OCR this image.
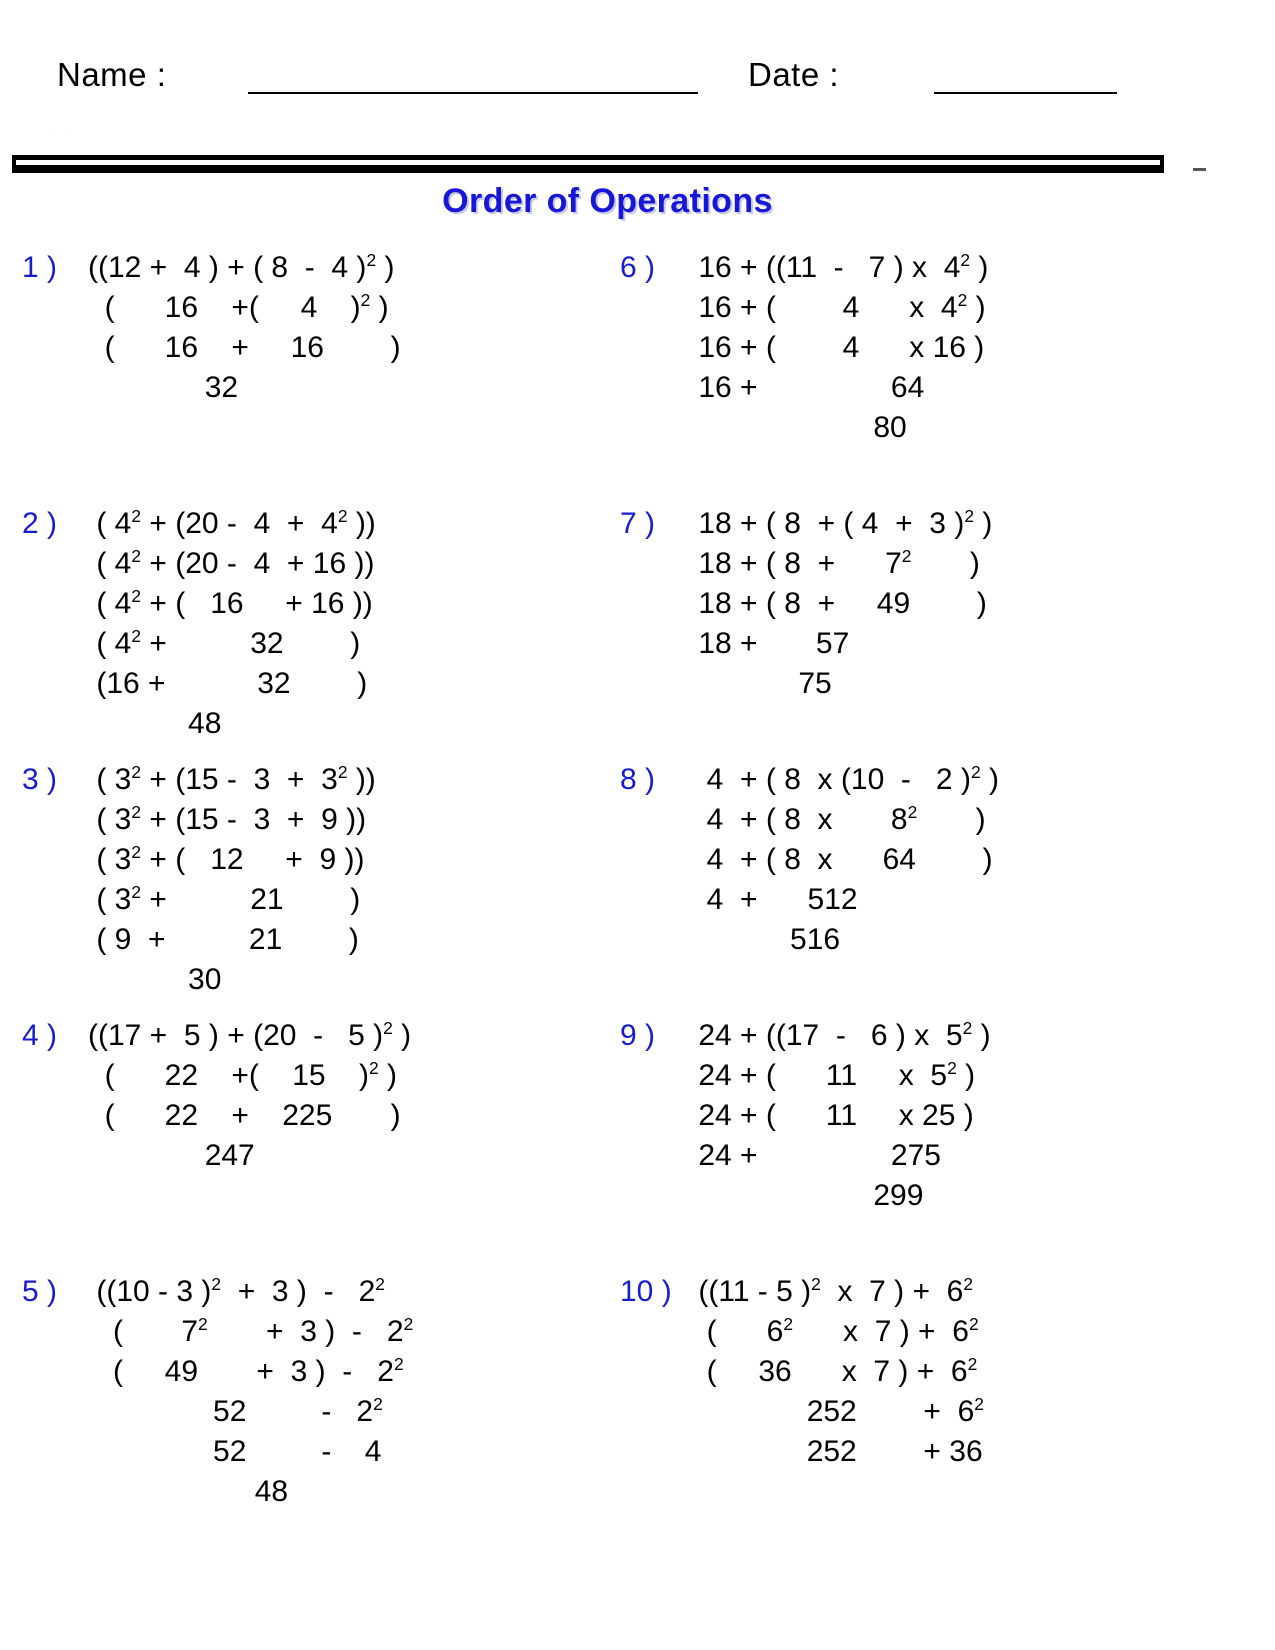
Name :	Date :
· ·  ·
Order of Operations
1 ) ((12 +  4 ) + ( 8  -  4 )$^2$ )
(      16    +(     4    )$^2$ )
(      16    +     16        )
32
2 ) ( $4^2 + (20 - 4 + 4^2$ ))
( $4^2 + (20 - 4 + 16$ ))
( $4^2$ + (   16     + 16 ))
( $4^2$ +          32        )
(16 +           32        )
48
3 ) ( $3^2 + (15 - 3 + 3^2$ ))
( $3^2 + (15 - 3 + 9$ ))
( $3^2$ + (   12     +  9 ))
( $3^2$ +          21        )
( 9  +          21        )
30
4 ) ((17 +  5 ) + (20  -   5 )$^2$ )
(      22    +(    15    )$^2$ )
(      22    +    225       )
247
5 ) ((10 - 3 )$^2$  +  3 )  -   $2^2$
(       $7^2$       +  3 )  -   $2^2$
(     49       +  3 )  -   $2^2$
52         -   $2^2$
52         -    4
48
6 ) 16 + ((11  -   7 ) x  $4^2$ )
16 + (        4      x  $4^2$ )
16 + (        4      x 16 )
16 +                64
80
7 ) 18 + ( 8  + ( 4  +  3 )$^2$ )
18 + ( 8  +      $7^2$       )
18 + ( 8  +     49        )
18 +       57
75
8 ) 4  + ( 8  x (10  -   2 )$^2$ )
4  + ( 8  x       $8^2$       )
4  + ( 8  x      64        )
4  +      512
516
9 ) 24 + ((17  -   6 ) x  $5^2$ )
24 + (      11     x  $5^2$ )
24 + (      11     x 25 )
24 +                275
299
10 ) ((11 - 5 )$^2$  x  7 ) +  $6^2$
(      $6^2$      x  7 ) +  $6^2$
(     36      x  7 ) +  $6^2$
252        +  $6^2$
252        + 36
